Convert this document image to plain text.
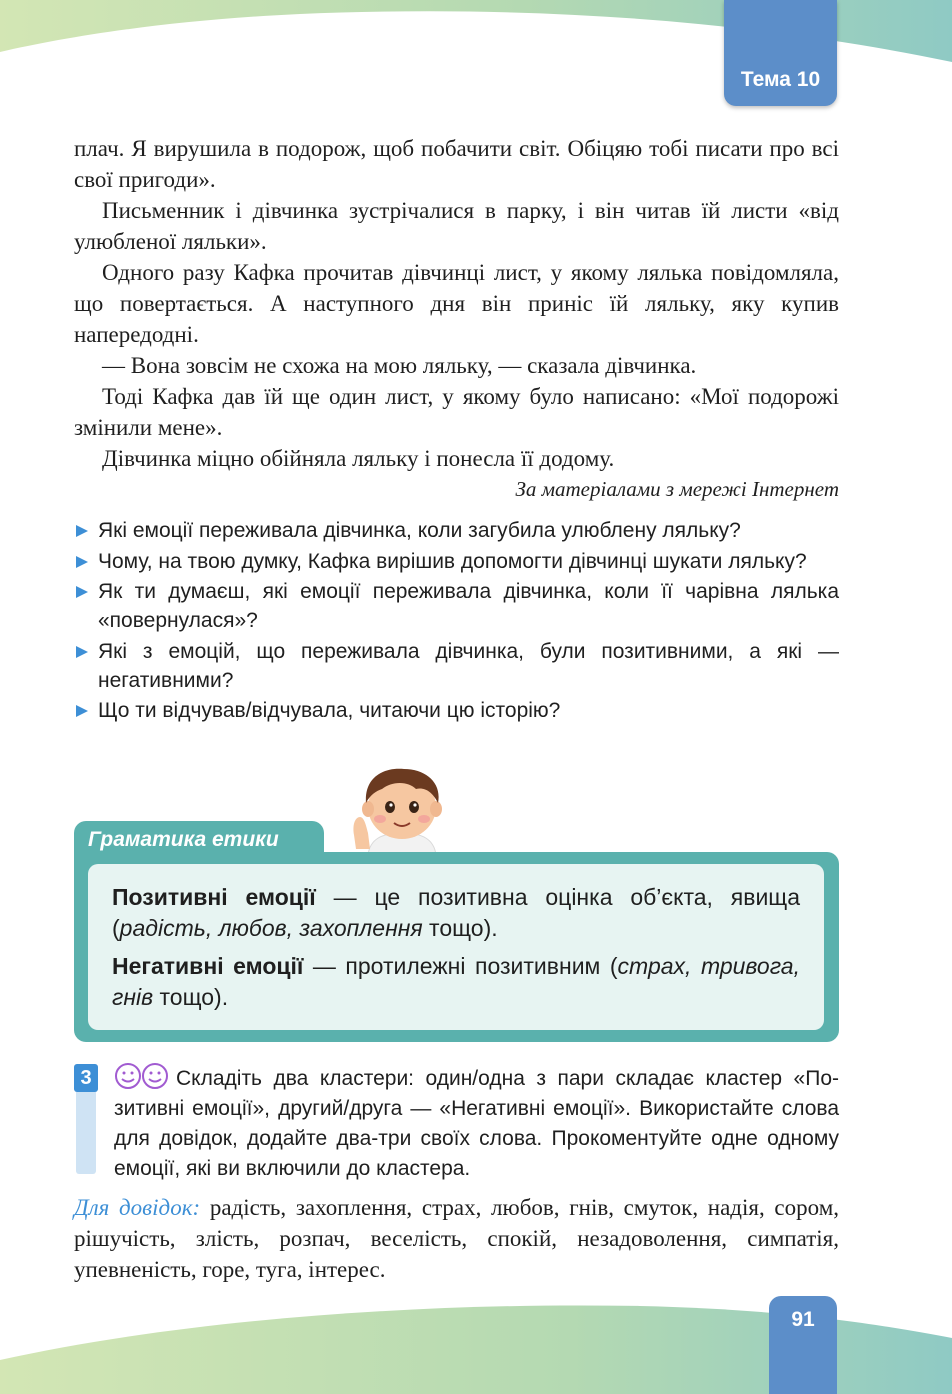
Тема 10

плач. Я вирушила в подорож, щоб побачити світ. Обіцяю тобі писати про всі свої пригоди».

Письменник і дівчинка зустрічалися в парку, і він читав їй листи «від улюбленої ляльки».

Одного разу Кафка прочитав дівчинці лист, у якому лялька повідомляла, що повертається. А наступного дня він приніс їй ляльку, яку купив напередодні.

— Вона зовсім не схожа на мою ляльку, — сказала дівчинка.

Тоді Кафка дав їй ще один лист, у якому було написано: «Мої подорожі змінили мене».

Дівчинка міцно обійняла ляльку і понесла її додому.

За матеріалами з мережі Інтернет

Які емоції переживала дівчинка, коли загубила улюблену ляльку?
Чому, на твою думку, Кафка вирішив допомогти дівчинці шукати ляльку?
Як ти думаєш, які емоції переживала дівчинка, коли її чарівна лялька «повернулася»?
Які з емоцій, що переживала дівчинка, були позитивними, а які — негативними?
Що ти відчував/відчувала, читаючи цю історію?
Граматика етики

Позитивні емоції — це позитивна оцінка об’єкта, явища (радість, любов, захоплення тощо).

Негативні емоції — протилежні позитивним (страх, тривога, гнів тощо).

3	Складіть два кластери: один/одна з пари складає кластер «Позитивні емоції», другий/друга — «Негативні емоції». Використайте слова для довідок, додайте два-три своїх слова. Прокоментуйте одне одному емоції, які ви включили до кластера.
Для довідок: радість, захоплення, страх, любов, гнів, смуток, надія, сором, рішучість, злість, розпач, веселість, спокій, незадоволення, симпатія, упевненість, горе, туга, інтерес.
91
